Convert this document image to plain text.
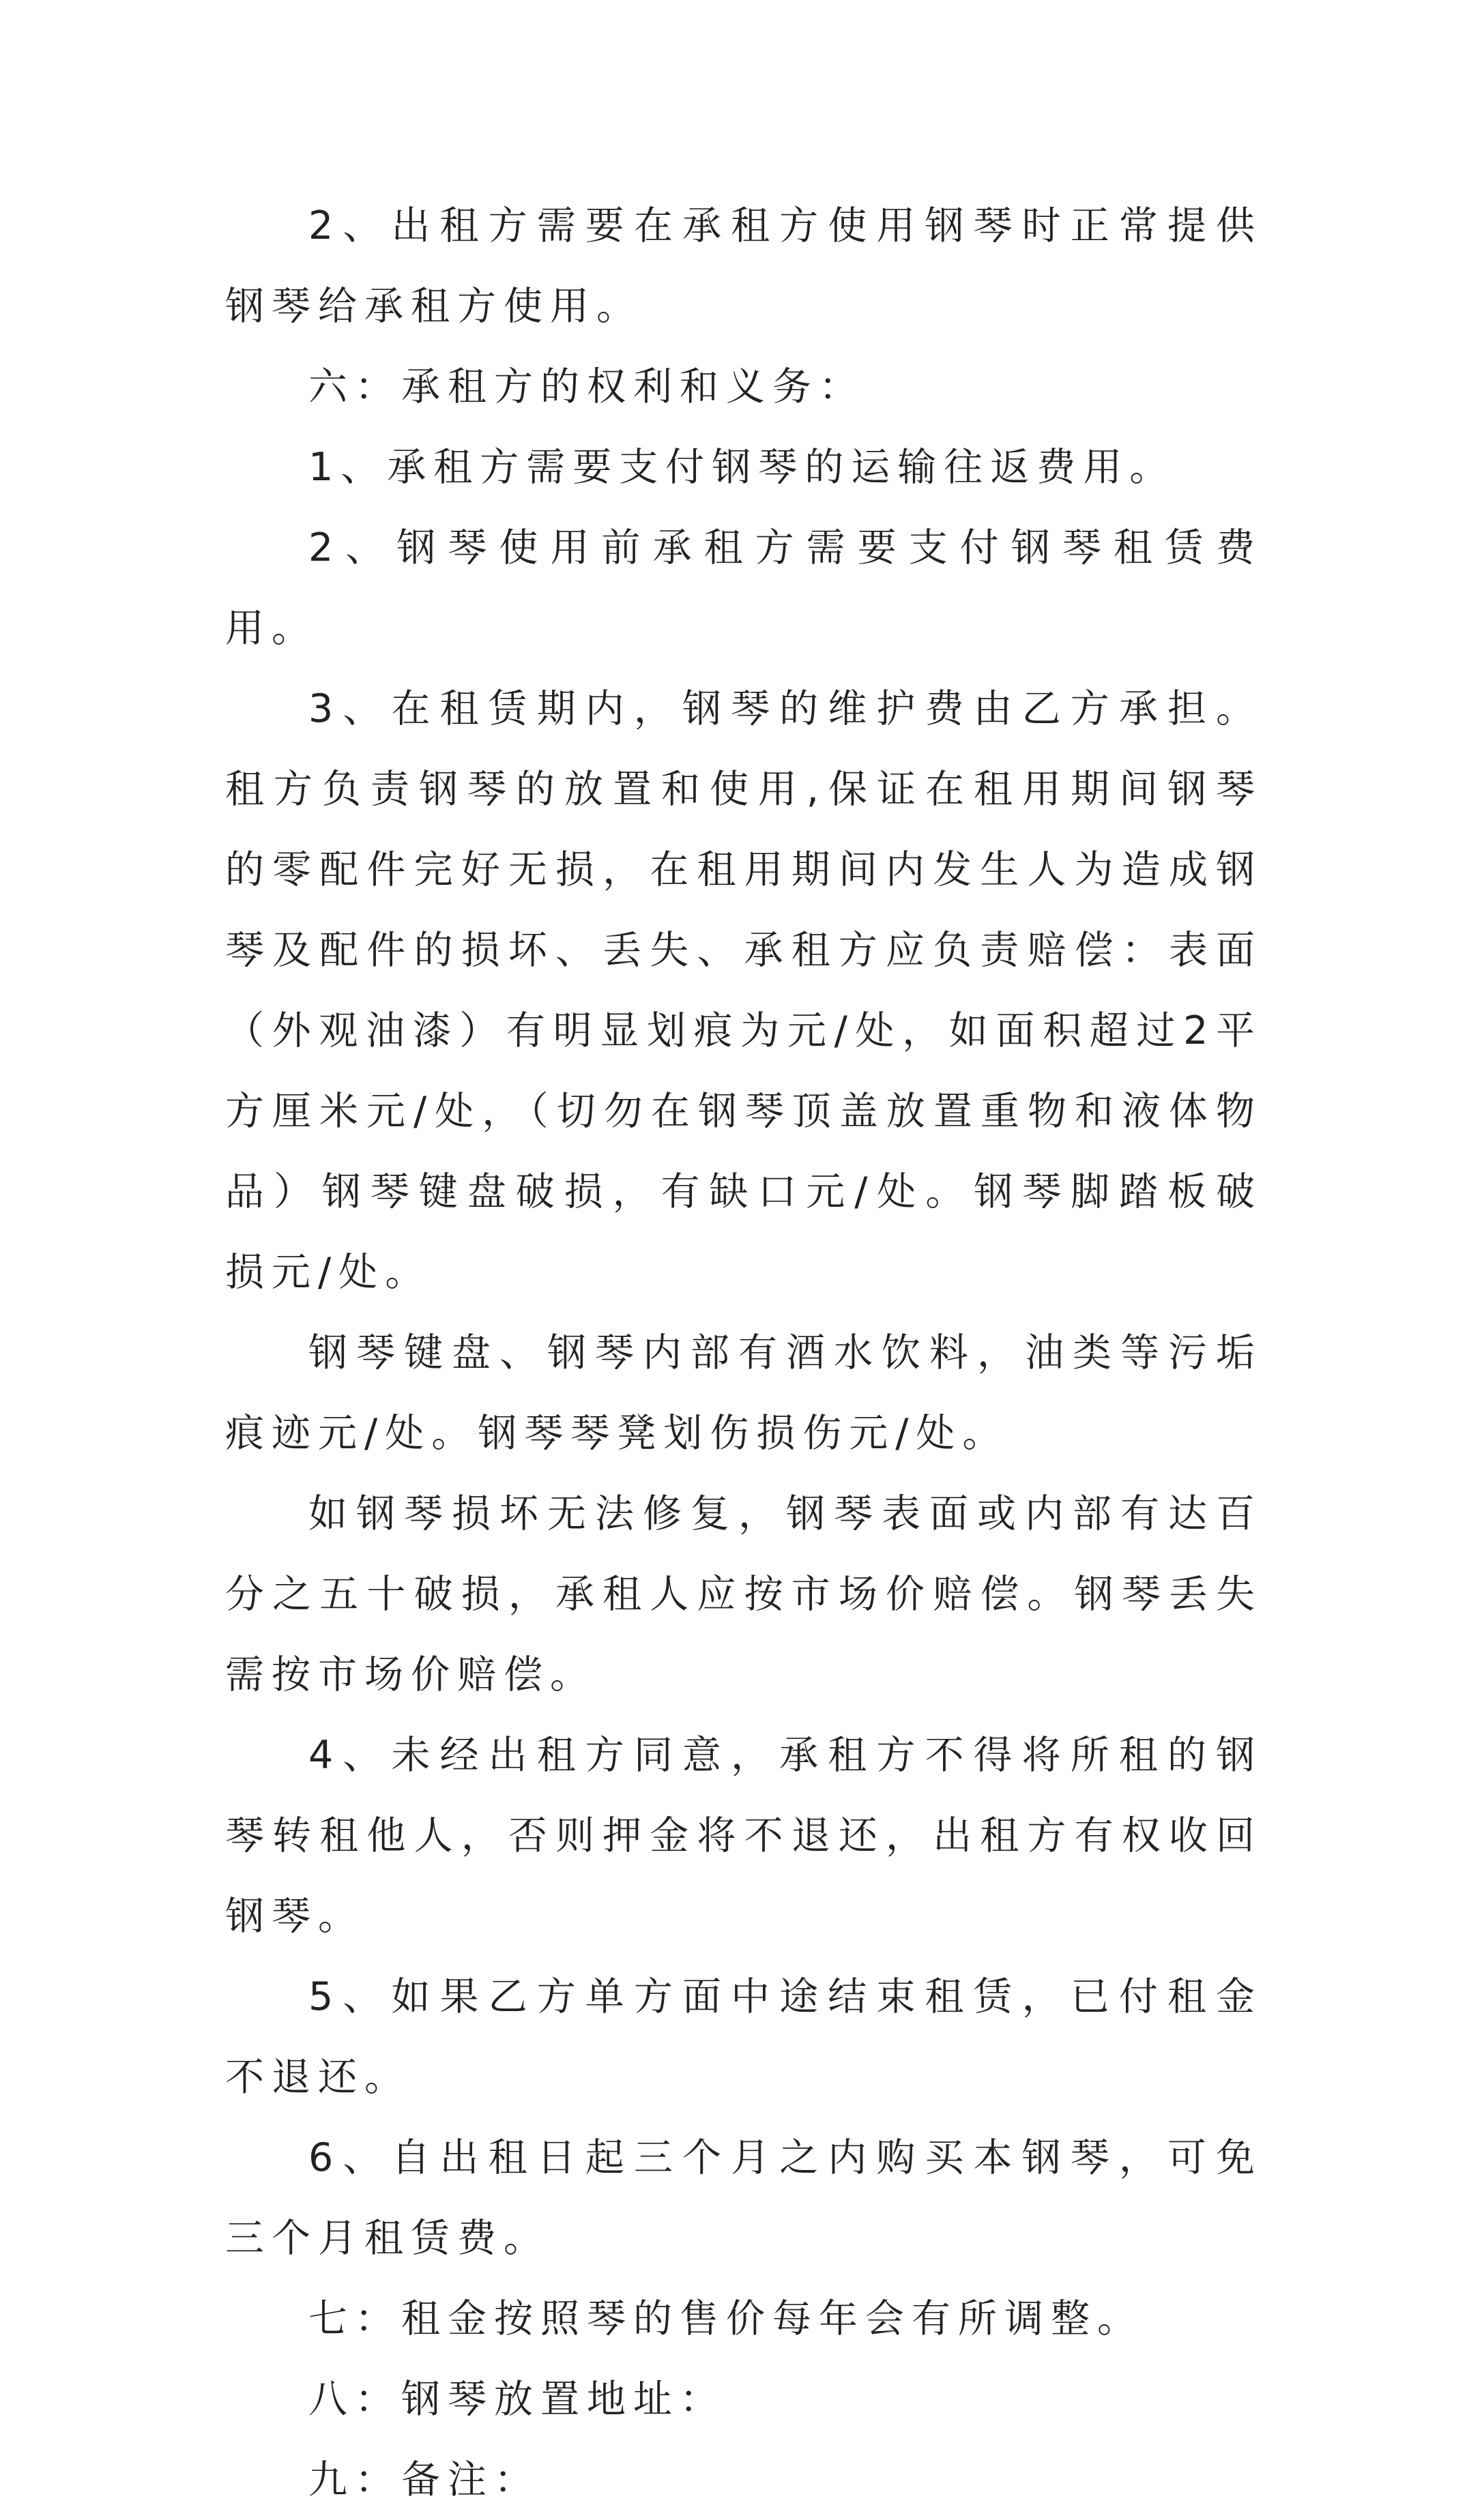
2、出租方需要在承租方使用钢琴时正常提供钢琴给承租方使用。

六：承租方的权利和义务：

1、承租方需要支付钢琴的运输往返费用。

2、钢琴使用前承租方需要支付钢琴租赁费用。

3、在租赁期内，钢琴的维护费由乙方承担。租方负责钢琴的放置和使用,保证在租用期间钢琴的零配件完好无损，在租用期间内发生人为造成钢琴及配件的损坏、丢失、承租方应负责赔偿：表面（外观油漆）有明显划痕为元/处，如面积超过2平方厘米元/处，（切勿在钢琴顶盖放置重物和液体物品）钢琴键盘破损，有缺口元/处。钢琴脚踏板破损元/处。

钢琴键盘、钢琴内部有酒水饮料，油类等污垢痕迹元/处。钢琴琴凳划伤损伤元/处。

如钢琴损坏无法修复，钢琴表面或内部有达百分之五十破损，承租人应按市场价赔偿。钢琴丢失需按市场价赔偿。

4、未经出租方同意，承租方不得将所租的钢琴转租他人，否则押金将不退还，出租方有权收回钢琴。

5、如果乙方单方面中途结束租赁，已付租金不退还。

6、自出租日起三个月之内购买本钢琴，可免三个月租赁费。

七：租金按照琴的售价每年会有所调整。

八：钢琴放置地址：

九：备注：
